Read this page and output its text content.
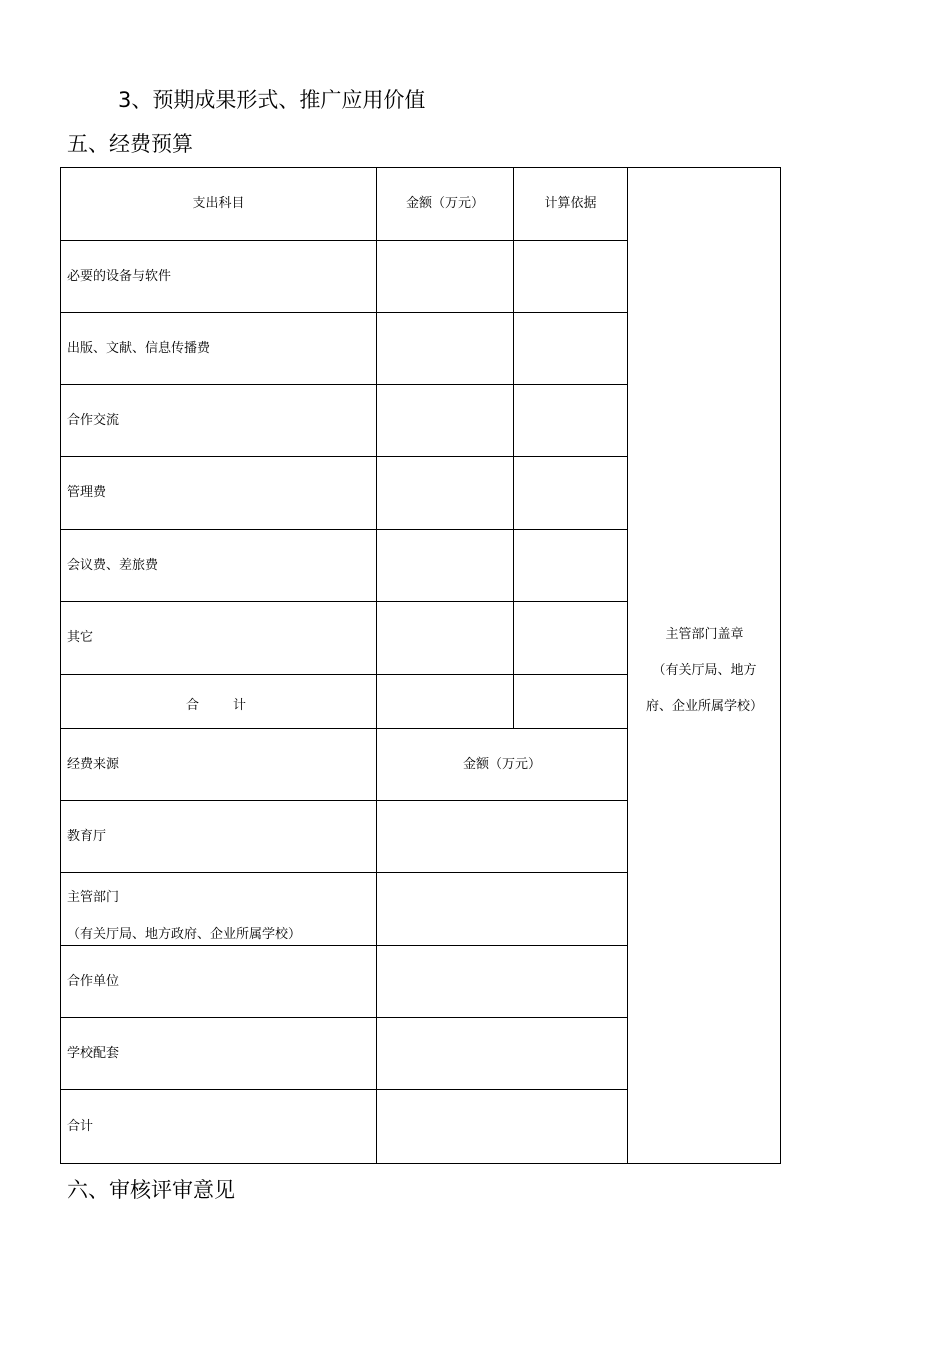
3、预期成果形式、推广应用价值
五、经费预算
支出科目	金额（万元）	计算依据
必要的设备与软件
出版、文献、信息传播费
合作交流
管理费
会议费、差旅费
其它
合	计
经费来源	金额（万元）
教育厅
主管部门
（有关厅局、地方政府、企业所属学校）
合作单位
学校配套
合计
主管部门盖章
（有关厅局、地方
府、企业所属学校）
六、审核评审意见
